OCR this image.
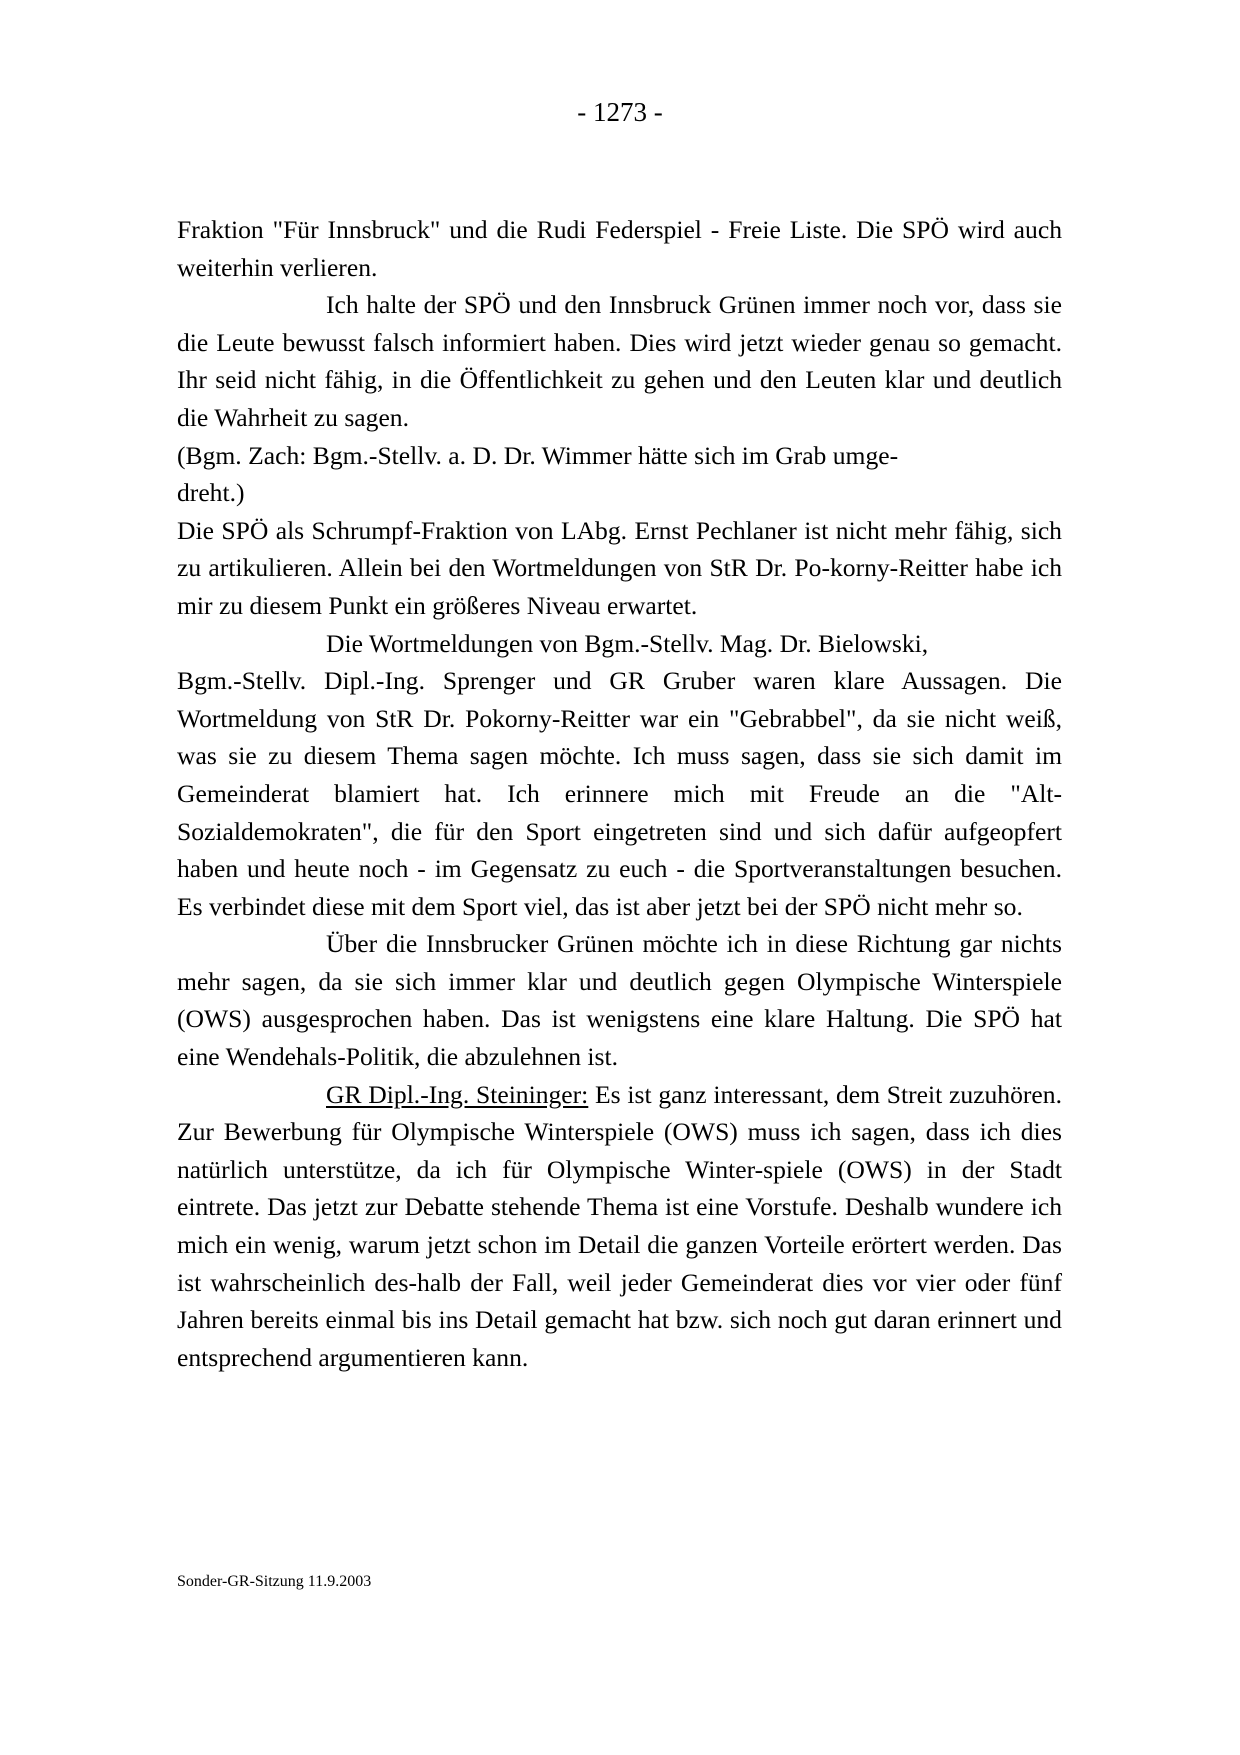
- 1273 -

Fraktion "Für Innsbruck" und die Rudi Federspiel - Freie Liste. Die SPÖ wird auch weiterhin verlieren.

Ich halte der SPÖ und den Innsbruck Grünen immer noch vor, dass sie die Leute bewusst falsch informiert haben. Dies wird jetzt wieder genau so gemacht. Ihr seid nicht fähig, in die Öffentlichkeit zu gehen und den Leuten klar und deutlich die Wahrheit zu sagen.

(Bgm. Zach: Bgm.-Stellv. a. D. Dr. Wimmer hätte sich im Grab umge-
dreht.)

Die SPÖ als Schrumpf-Fraktion von LAbg. Ernst Pechlaner ist nicht mehr fähig, sich zu artikulieren. Allein bei den Wortmeldungen von StR Dr. Po-korny-Reitter habe ich mir zu diesem Punkt ein größeres Niveau erwartet.

Die Wortmeldungen von Bgm.-Stellv. Mag. Dr. Bielowski,
Bgm.-Stellv. Dipl.-Ing. Sprenger und GR Gruber waren klare Aussagen. Die Wortmeldung von StR Dr. Pokorny-Reitter war ein "Gebrabbel", da sie nicht weiß, was sie zu diesem Thema sagen möchte. Ich muss sagen, dass sie sich damit im Gemeinderat blamiert hat. Ich erinnere mich mit Freude an die "Alt-Sozialdemokraten", die für den Sport eingetreten sind und sich dafür aufgeopfert haben und heute noch - im Gegensatz zu euch - die Sportveranstaltungen besuchen. Es verbindet diese mit dem Sport viel, das ist aber jetzt bei der SPÖ nicht mehr so.

Über die Innsbrucker Grünen möchte ich in diese Richtung gar nichts mehr sagen, da sie sich immer klar und deutlich gegen Olympische Winterspiele (OWS) ausgesprochen haben. Das ist wenigstens eine klare Haltung. Die SPÖ hat eine Wendehals-Politik, die abzulehnen ist.

GR Dipl.-Ing. Steininger: Es ist ganz interessant, dem Streit zuzuhören. Zur Bewerbung für Olympische Winterspiele (OWS) muss ich sagen, dass ich dies natürlich unterstütze, da ich für Olympische Winter-spiele (OWS) in der Stadt eintrete. Das jetzt zur Debatte stehende Thema ist eine Vorstufe. Deshalb wundere ich mich ein wenig, warum jetzt schon im Detail die ganzen Vorteile erörtert werden. Das ist wahrscheinlich des-halb der Fall, weil jeder Gemeinderat dies vor vier oder fünf Jahren bereits einmal bis ins Detail gemacht hat bzw. sich noch gut daran erinnert und entsprechend argumentieren kann.

Sonder-GR-Sitzung 11.9.2003
